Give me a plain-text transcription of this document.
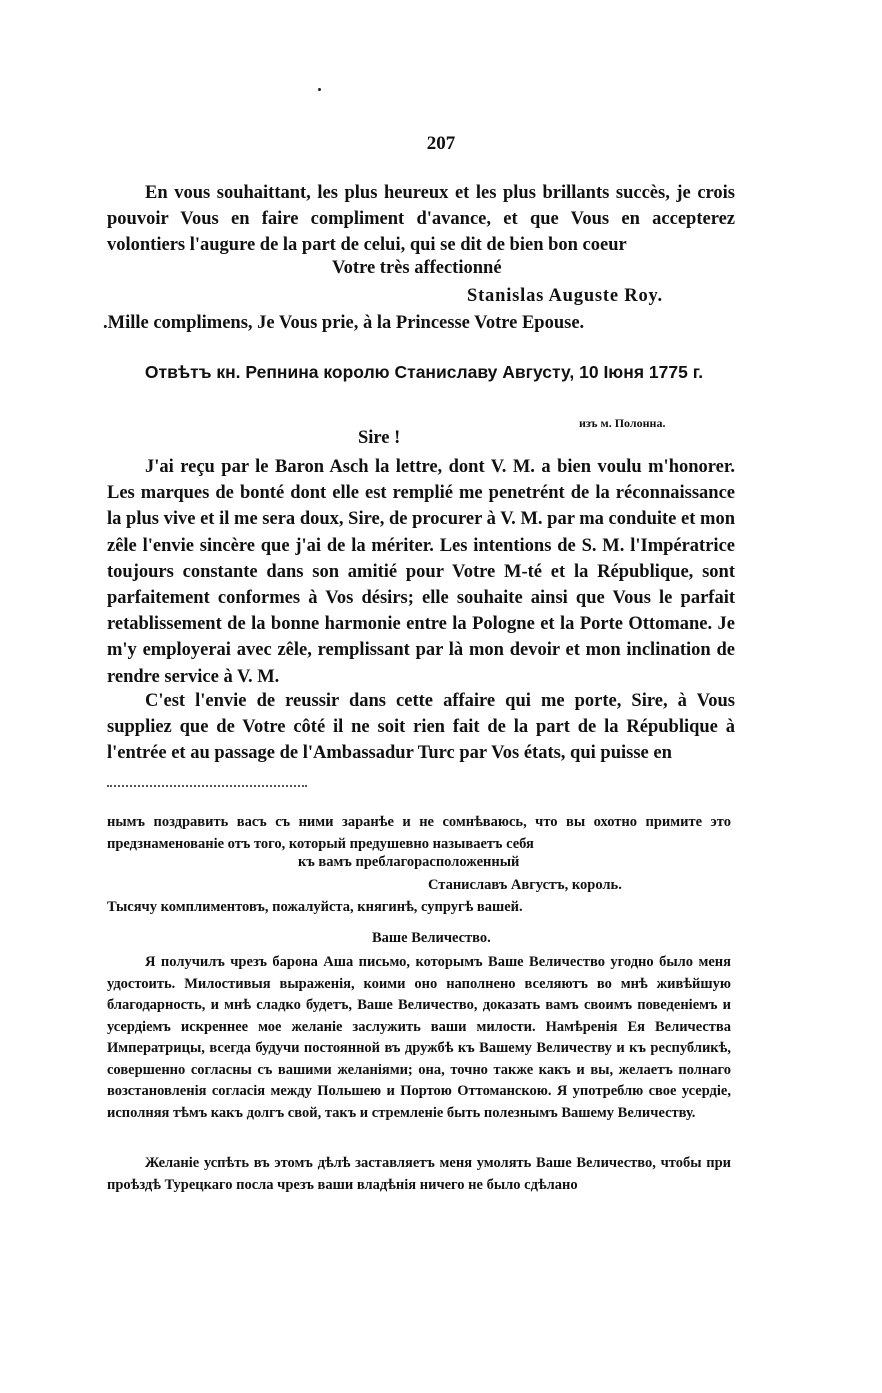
207

En vous souhaittant, les plus heureux et les plus brillants succès, je crois pouvoir Vous en faire compliment d'avance, et que Vous en accepterez volontiers l'augure de la part de celui, qui se dit de bien bon coeur

Votre très affectionné
Stanislas Auguste Roy.
.Mille complimens, Je Vous prie, à la Princesse Votre Epouse.

Отвѣтъ кн. Репнина королю Станиславу Августу, 10 Iюня 1775 г.

изъ м. Полонна.
Sire !

J'ai reçu par le Baron Asch la lettre, dont V. M. a bien voulu m'honorer. Les marques de bonté dont elle est remplié me penetrént de la réconnaissance la plus vive et il me sera doux, Sire, de procurer à V. M. par ma conduite et mon zêle l'envie sincère que j'ai de la mériter. Les intentions de S. M. l'Impératrice toujours constante dans son amitié pour Votre M-té et la République, sont parfaitement conformes à Vos désirs; elle souhaite ainsi que Vous le parfait retablissement de la bonne harmonie entre la Pologne et la Porte Ottomane. Je m'y employerai avec zêle, remplissant par là mon devoir et mon inclination de rendre service à V. M.

C'est l'envie de reussir dans cette affaire qui me porte, Sire, à Vous suppliez que de Votre côté il ne soit rien fait de la part de la République à l'entrée et au passage de l'Ambassadur Turc par Vos états, qui puisse en

нымъ поздравить васъ съ ними заранѣе и не сомнѣваюсь, что вы охотно примите это предзнаменованіе отъ того, который предушевно называетъ себя

къ вамъ преблагорасположенный
Станиславъ Августъ, король.
Тысячу комплиментовъ, пожалуйста, княгинѣ, супругѣ вашей.
Ваше Величество.

Я получилъ чрезъ барона Аша письмо, которымъ Ваше Величество угодно было меня удостоить. Милостивыя выраженія, коими оно наполнено вселяютъ во мнѣ живѣйшую благодарность, и мнѣ сладко будетъ, Ваше Величество, доказать вамъ своимъ поведеніемъ и усердіемъ искреннее мое желаніе заслужить ваши милости. Намѣренія Ея Величества Императрицы, всегда будучи постоянной въ дружбѣ къ Вашему Величеству и къ республикѣ, совершенно согласны съ вашими желаніями; она, точно также какъ и вы, желаетъ полнаго возстановленія согласія между Польшею и Портою Оттоманскою. Я употреблю свое усердіе, исполняя тѣмъ какъ долгъ свой, такъ и стремленіе быть полезнымъ Вашему Величеству.

Желаніе успѣть въ этомъ дѣлѣ заставляетъ меня умолять Ваше Величество, чтобы при проѣздѣ Турецкаго посла чрезъ ваши владѣнія ничего не было сдѣлано
